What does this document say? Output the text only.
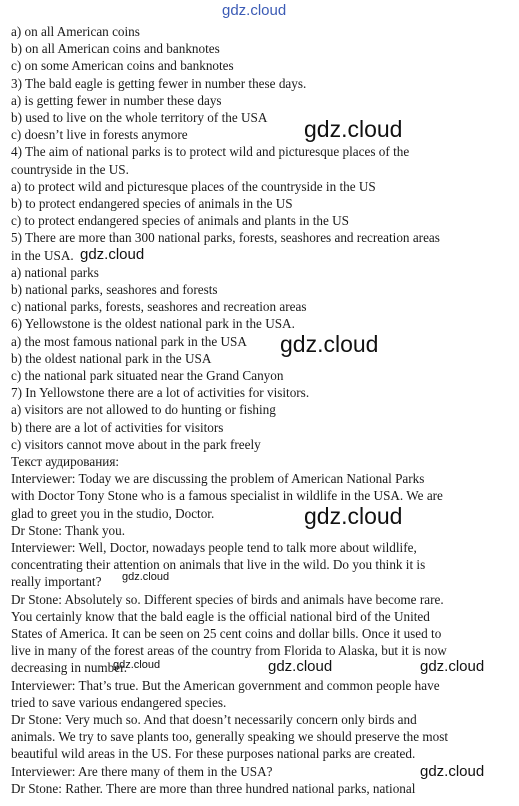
a) on all American coins
b) on all American coins and banknotes
c) on some American coins and banknotes
3) The bald eagle is getting fewer in number these days.
a) is getting fewer in number these days
b) used to live on the whole territory of the USA
c) doesn’t live in forests anymore
4) The aim of national parks is to protect wild and picturesque places of the
countryside in the US.
a) to protect wild and picturesque places of the countryside in the US
b) to protect endangered species of animals in the US
c) to protect endangered species of animals and plants in the US
5) There are more than 300 national parks, forests, seashores and recreation areas
in the USA.
a) national parks
b) national parks, seashores and forests
c) national parks, forests, seashores and recreation areas
6) Yellowstone is the oldest national park in the USA.
a) the most famous national park in the USA
b) the oldest national park in the USA
c) the national park situated near the Grand Canyon
7) In Yellowstone there are a lot of activities for visitors.
a) visitors are not allowed to do hunting or fishing
b) there are a lot of activities for visitors
c) visitors cannot move about in the park freely
Текст аудирования:
Interviewer: Today we are discussing the problem of American National Parks
with Doctor Tony Stone who is a famous specialist in wildlife in the USA. We are
glad to greet you in the studio, Doctor.
Dr Stone: Thank you.
Interviewer: Well, Doctor, nowadays people tend to talk more about wildlife,
concentrating their attention on animals that live in the wild. Do you think it is
really important?
Dr Stone: Absolutely so. Different species of birds and animals have become rare.
You certainly know that the bald eagle is the official national bird of the United
States of America. It can be seen on 25 cent coins and dollar bills. Once it used to
live in many of the forest areas of the country from Florida to Alaska, but it is now
decreasing in number.
Interviewer: That’s true. But the American government and common people have
tried to save various endangered species.
Dr Stone: Very much so. And that doesn’t necessarily concern only birds and
animals. We try to save plants too, generally speaking we should preserve the most
beautiful wild areas in the US. For these purposes national parks are created.
Interviewer: Are there many of them in the USA?
Dr Stone: Rather. There are more than three hundred national parks, national
gdz.cloud
gdz.cloud
gdz.cloud
gdz.cloud
gdz.cloud
gdz.cloud
gdz.cloud	gdz.cloud	gdz.cloud
gdz.cloud
